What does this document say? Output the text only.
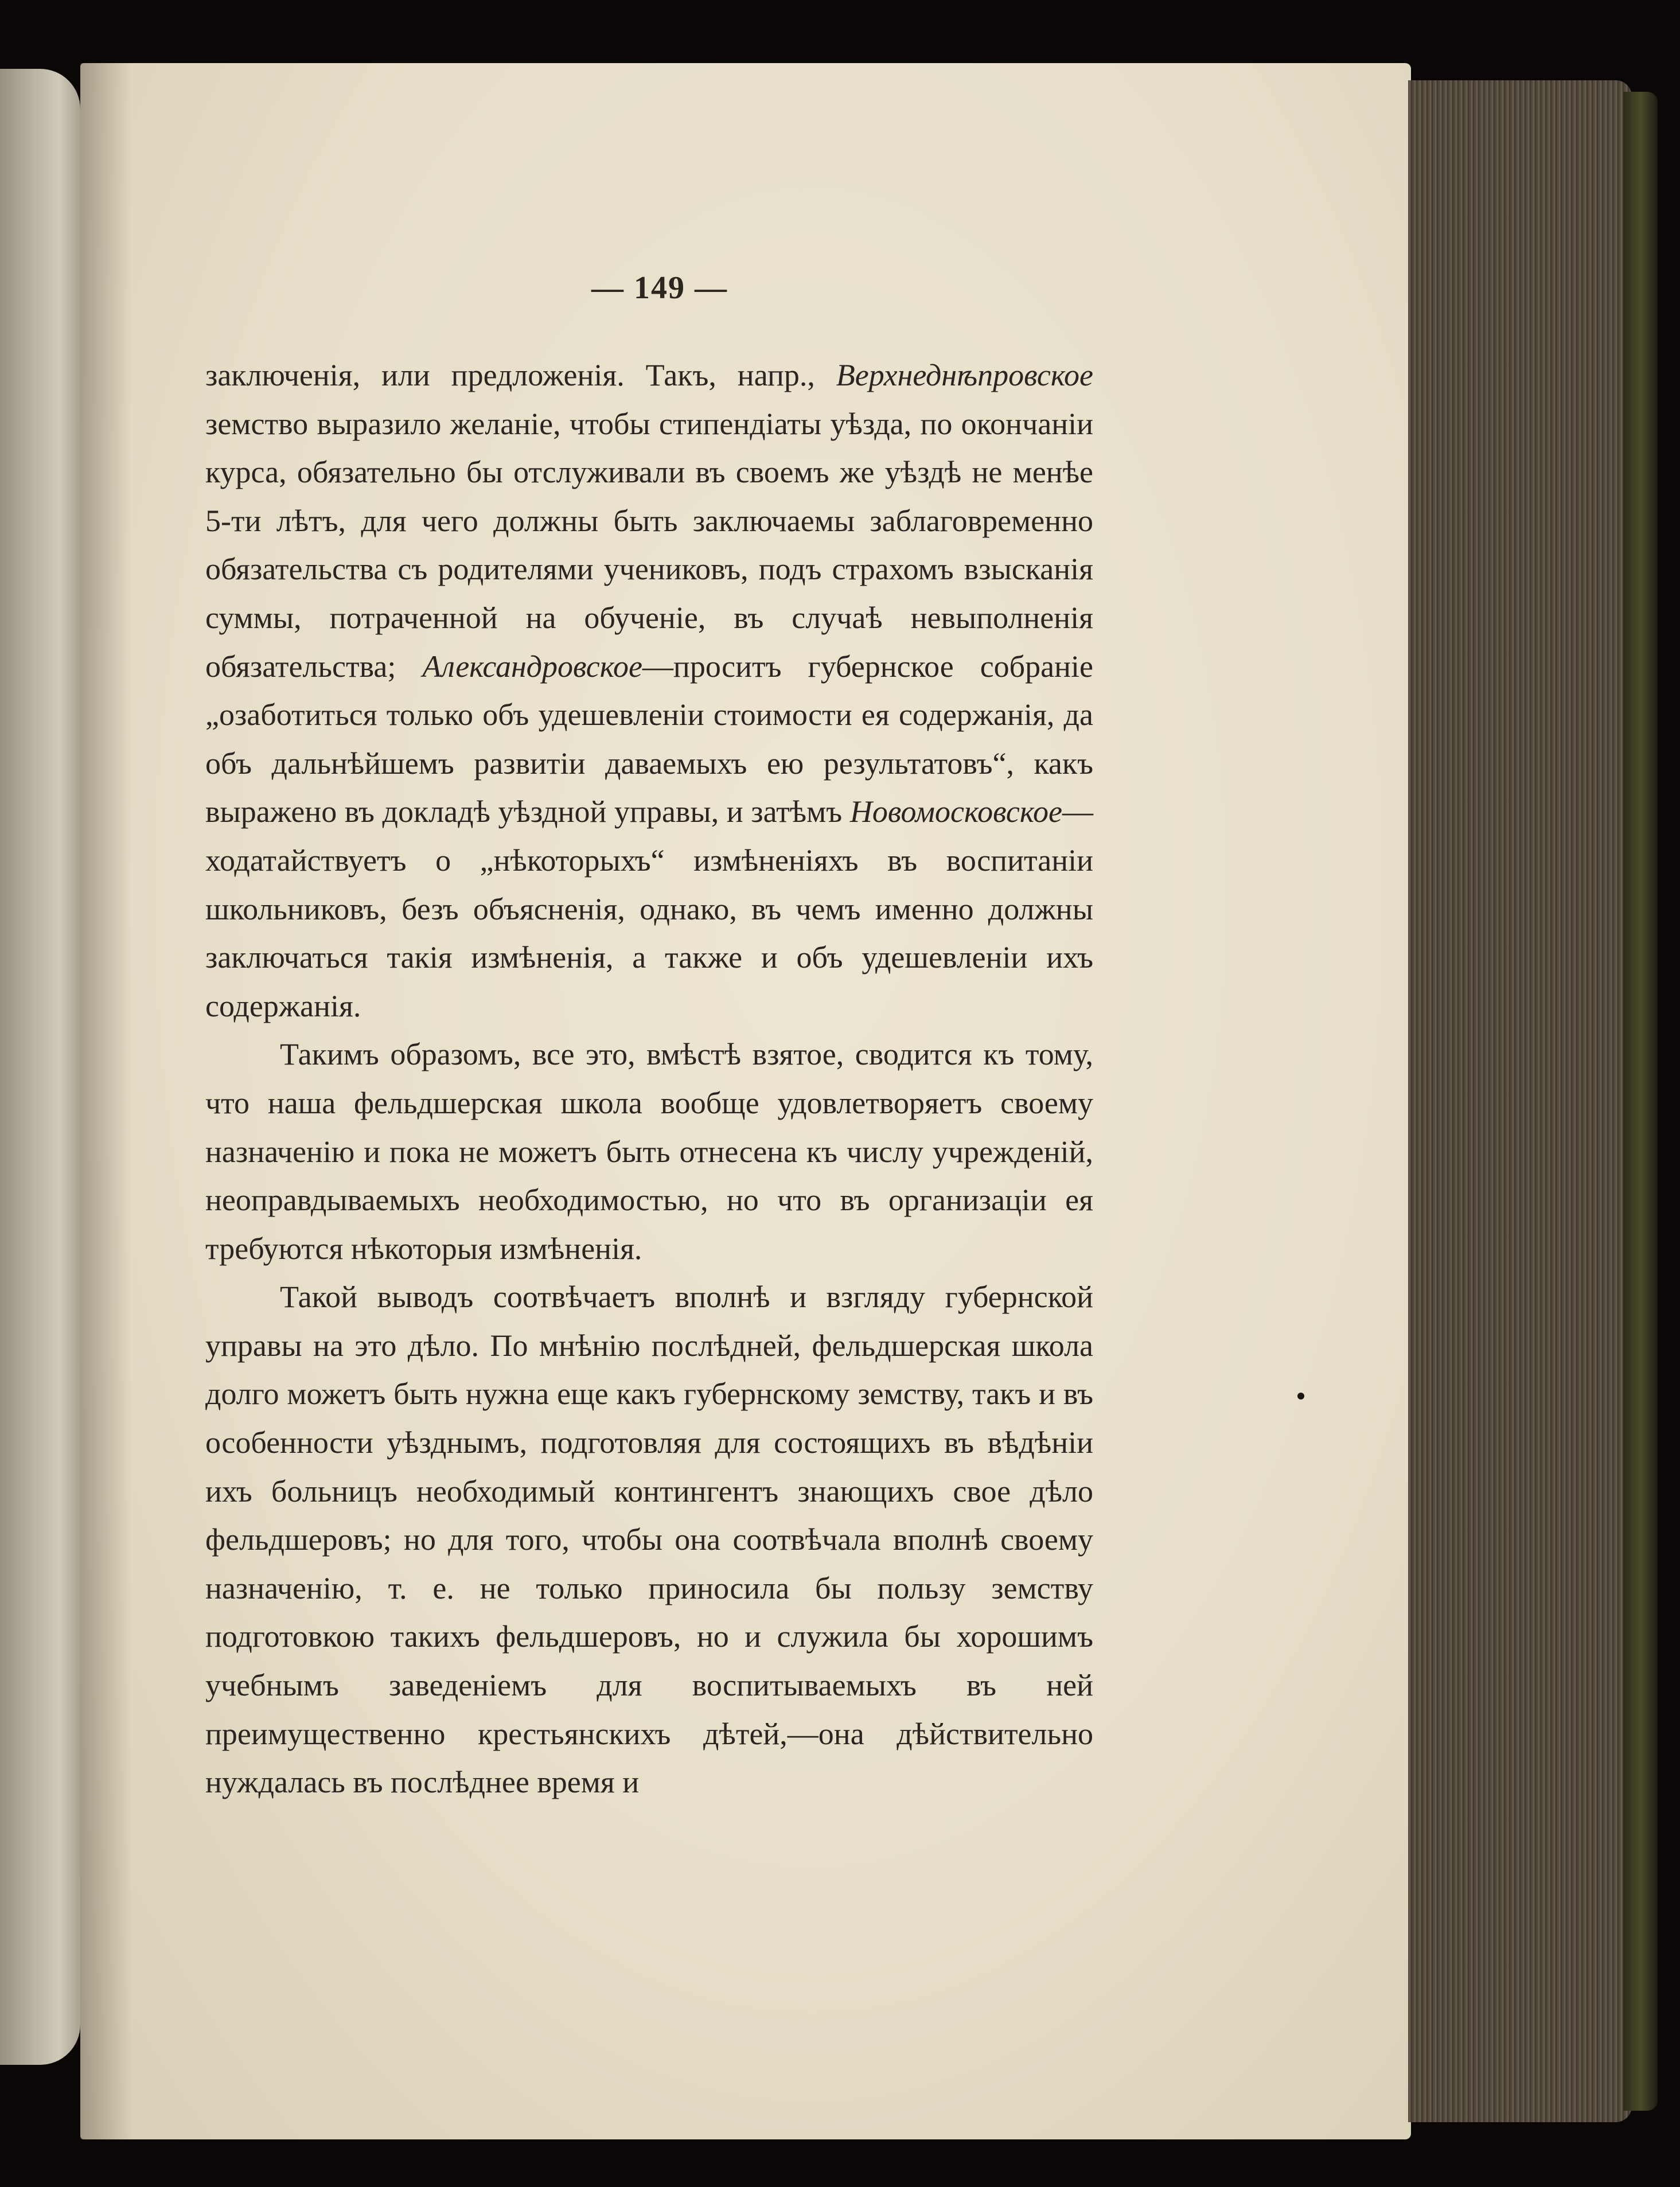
— 149 —

заключенія, или предложенія. Такъ, напр., Верхнеднѣпровское земство выразило желаніе, чтобы стипендіаты уѣзда, по окончаніи курса, обязательно бы отслуживали въ своемъ же уѣздѣ не менѣе 5-ти лѣтъ, для чего должны быть заключаемы заблаговременно обязательства съ родителями учениковъ, подъ страхомъ взысканія суммы, потраченной на обученіе, въ случаѣ невыполненія обязательства; Александровское—проситъ губернское собраніе „озаботиться только объ удешевленіи стоимости ея содержанія, да объ дальнѣйшемъ развитіи даваемыхъ ею результатовъ“, какъ выражено въ докладѣ уѣздной управы, и затѣмъ Новомосковское—ходатайствуетъ о „нѣкоторыхъ“ измѣненіяхъ въ воспитаніи школьниковъ, безъ объясненія, однако, въ чемъ именно должны заключаться такія измѣненія, а также и объ удешевленіи ихъ содержанія.

Такимъ образомъ, все это, вмѣстѣ взятое, сводится къ тому, что наша фельдшерская школа вообще удовлетворяетъ своему назначенію и пока не можетъ быть отнесена къ числу учрежденій, неоправдываемыхъ необходимостью, но что въ организаціи ея требуются нѣкоторыя измѣненія.

Такой выводъ соотвѣчаетъ вполнѣ и взгляду губернской управы на это дѣло. По мнѣнію послѣдней, фельдшерская школа долго можетъ быть нужна еще какъ губернскому земству, такъ и въ особенности уѣзднымъ, подготовляя для состоящихъ въ вѣдѣніи ихъ больницъ необходимый контингентъ знающихъ свое дѣло фельдшеровъ; но для того, чтобы она соотвѣчала вполнѣ своему назначенію, т. е. не только приносила бы пользу земству подготовкою такихъ фельдшеровъ, но и служила бы хорошимъ учебнымъ заведеніемъ для воспитываемыхъ въ ней преимущественно крестьянскихъ дѣтей,—она дѣйствительно нуждалась въ послѣднее время и
